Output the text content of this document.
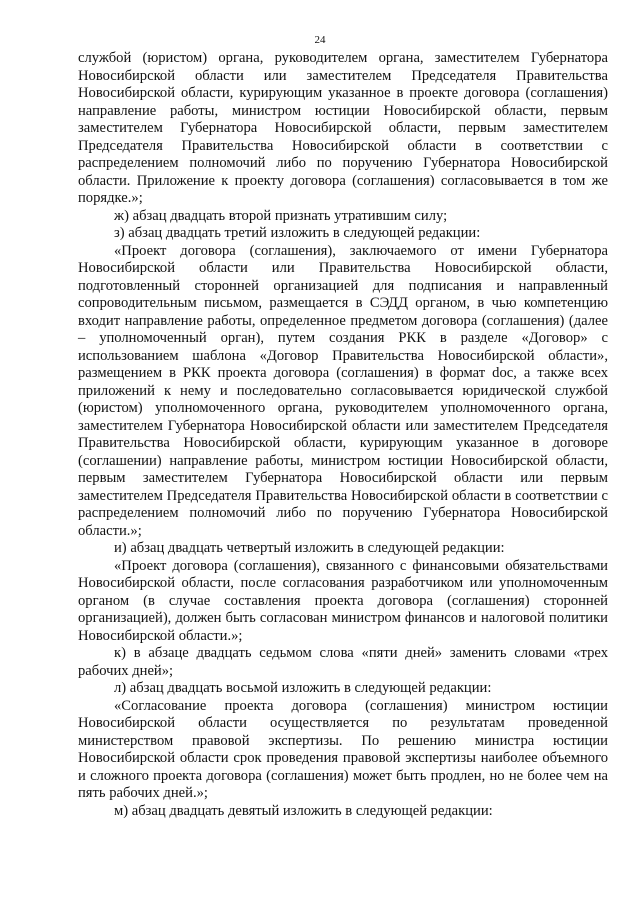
24

службой (юристом) органа, руководителем органа, заместителем Губернатора Новосибирской области или заместителем Председателя Правительства Новосибирской области, курирующим указанное в проекте договора (соглашения) направление работы, министром юстиции Новосибирской области, первым заместителем Губернатора Новосибирской области, первым заместителем Председателя Правительства Новосибирской области в соответствии с распределением полномочий либо по поручению Губернатора Новосибирской области. Приложение к проекту договора (соглашения) согласовывается в том же порядке.»;

ж) абзац двадцать второй признать утратившим силу;

з) абзац двадцать третий изложить в следующей редакции:

«Проект договора (соглашения), заключаемого от имени Губернатора Новосибирской области или Правительства Новосибирской области, подготовленный сторонней организацией для подписания и направленный сопроводительным письмом, размещается в СЭДД органом, в чью компетенцию входит направление работы, определенное предметом договора (соглашения) (далее – уполномоченный орган), путем создания РКК в разделе «Договор» с использованием шаблона «Договор Правительства Новосибирской области», размещением в РКК проекта договора (соглашения) в формат doc, а также всех приложений к нему и последовательно согласовывается юридической службой (юристом) уполномоченного органа, руководителем уполномоченного органа, заместителем Губернатора Новосибирской области или заместителем Председателя Правительства Новосибирской области, курирующим указанное в договоре (соглашении) направление работы, министром юстиции Новосибирской области, первым заместителем Губернатора Новосибирской области или первым заместителем Председателя Правительства Новосибирской области в соответствии с распределением полномочий либо по поручению Губернатора Новосибирской области.»;

и) абзац двадцать четвертый изложить в следующей редакции:

«Проект договора (соглашения), связанного с финансовыми обязательствами Новосибирской области, после согласования разработчиком или уполномоченным органом (в случае составления проекта договора (соглашения) сторонней организацией), должен быть согласован министром финансов и налоговой политики Новосибирской области.»;

к) в абзаце двадцать седьмом слова «пяти дней» заменить словами «трех рабочих дней»;

л) абзац двадцать восьмой изложить в следующей редакции:

«Согласование проекта договора (соглашения) министром юстиции Новосибирской области осуществляется по результатам проведенной министерством правовой экспертизы. По решению министра юстиции Новосибирской области срок проведения правовой экспертизы наиболее объемного и сложного проекта договора (соглашения) может быть продлен, но не более чем на пять рабочих дней.»;

м) абзац двадцать девятый изложить в следующей редакции:
